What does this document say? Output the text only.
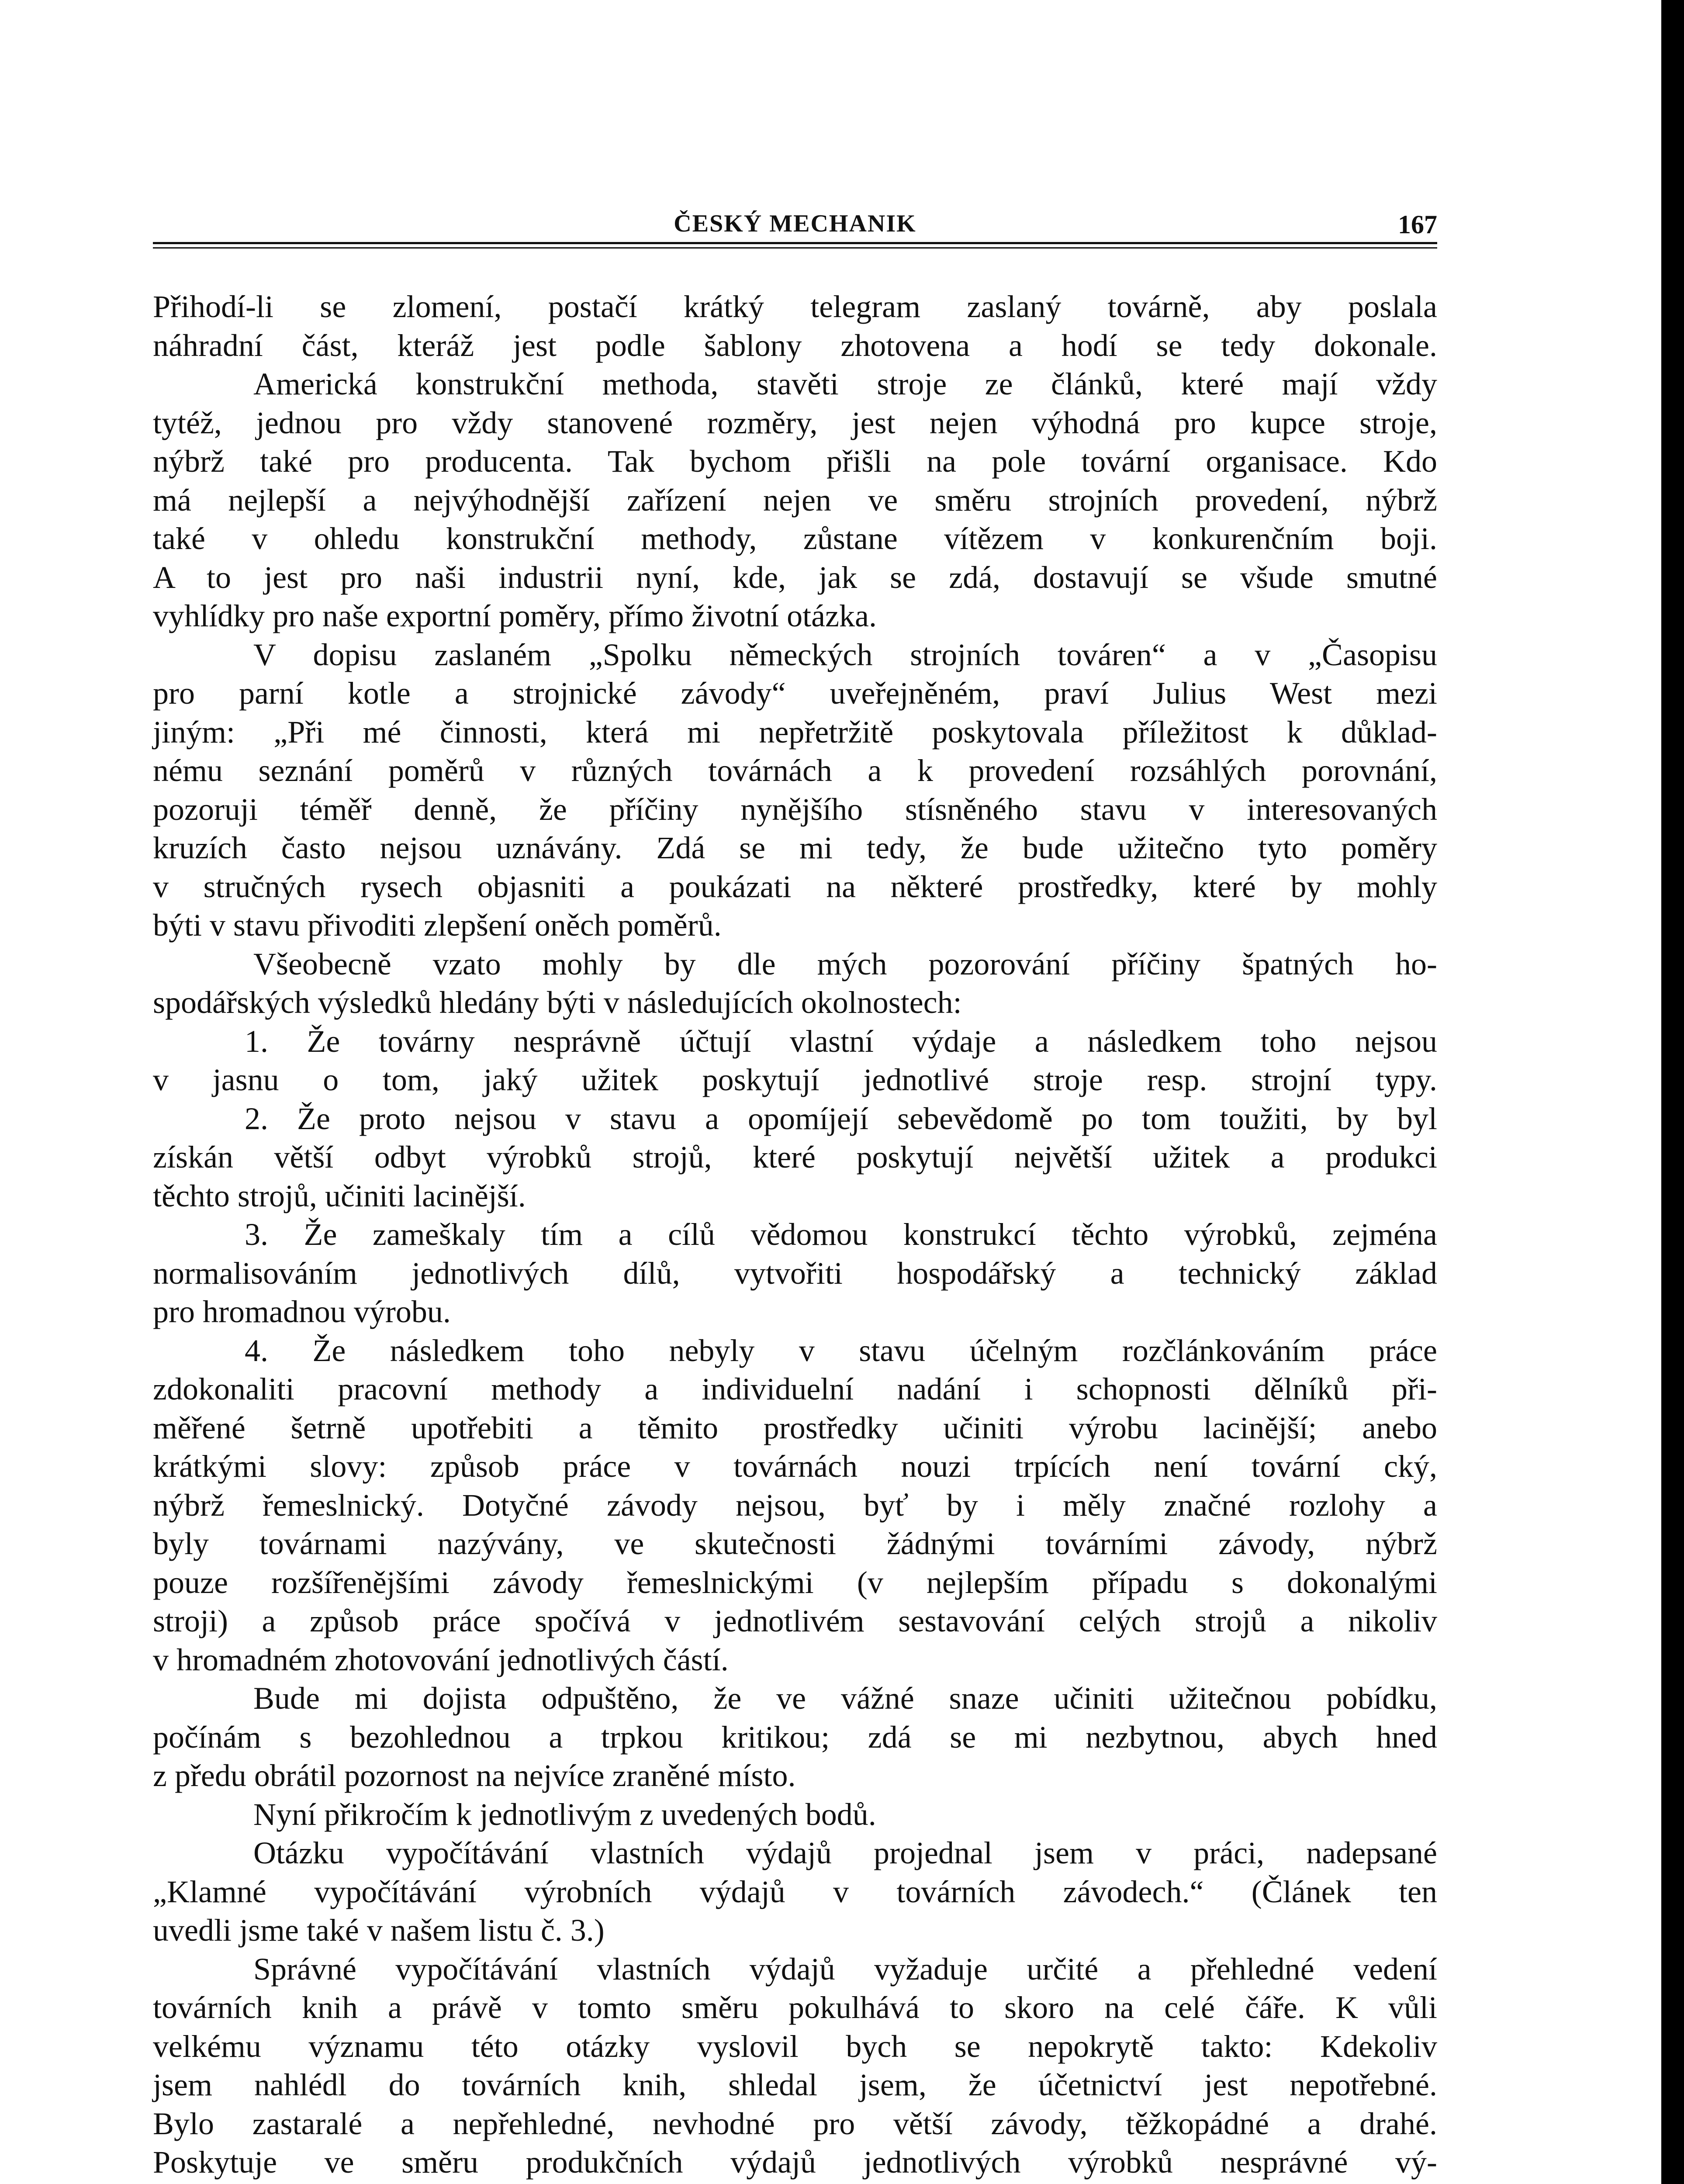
ČESKÝ MECHANIK	167
Přihodí-li se zlomení, postačí krátký telegram zaslaný továrně, aby poslala
náhradní část, kteráž jest podle šablony zhotovena a hodí se tedy dokonale.
Americká konstrukční methoda, stavěti stroje ze článků, které mají vždy
tytéž, jednou pro vždy stanovené rozměry, jest nejen výhodná pro kupce stroje,
nýbrž také pro producenta. Tak bychom přišli na pole tovární organisace. Kdo
má nejlepší a nejvýhodnější zařízení nejen ve směru strojních provedení, nýbrž
také v ohledu konstrukční methody, zůstane vítězem v konkurenčním boji.
A to jest pro naši industrii nyní, kde, jak se zdá, dostavují se všude smutné
vyhlídky pro naše exportní poměry, přímo životní otázka.
V dopisu zaslaném „Spolku německých strojních továren“ a v „Časopisu
pro parní kotle a strojnické závody“ uveřejněném, praví Julius West mezi
jiným: „Při mé činnosti, která mi nepřetržitě poskytovala příležitost k důklad-
nému seznání poměrů v různých továrnách a k provedení rozsáhlých porovnání,
pozoruji téměř denně, že příčiny nynějšího stísněného stavu v interesovaných
kruzích často nejsou uznávány. Zdá se mi tedy, že bude užitečno tyto poměry
v stručných rysech objasniti a poukázati na některé prostředky, které by mohly
býti v stavu přivoditi zlepšení oněch poměrů.
Všeobecně vzato mohly by dle mých pozorování příčiny špatných ho-
spodářských výsledků hledány býti v následujících okolnostech:
1. Že továrny nesprávně účtují vlastní výdaje a následkem toho nejsou
v jasnu o tom, jaký užitek poskytují jednotlivé stroje resp. strojní typy.
2. Že proto nejsou v stavu a opomíjejí sebevědomě po tom toužiti, by byl
získán větší odbyt výrobků strojů, které poskytují největší užitek a produkci
těchto strojů, učiniti lacinější.
3. Že zameškaly tím a cílů vědomou konstrukcí těchto výrobků, zejména
normalisováním jednotlivých dílů, vytvořiti hospodářský a technický základ
pro hromadnou výrobu.
4. Že následkem toho nebyly v stavu účelným rozčlánkováním práce
zdokonaliti pracovní methody a individuelní nadání i schopnosti dělníků při-
měřené šetrně upotřebiti a těmito prostředky učiniti výrobu lacinější; anebo
krátkými slovy: způsob práce v továrnách nouzi trpících není tovární cký,
nýbrž řemeslnický. Dotyčné závody nejsou, byť by i měly značné rozlohy a
byly továrnami nazývány, ve skutečnosti žádnými továrními závody, nýbrž
pouze rozšířenějšími závody řemeslnickými (v nejlepším případu s dokonalými
stroji) a způsob práce spočívá v jednotlivém sestavování celých strojů a nikoliv
v hromadném zhotovování jednotlivých částí.
Bude mi dojista odpuštěno, že ve vážné snaze učiniti užitečnou pobídku,
počínám s bezohlednou a trpkou kritikou; zdá se mi nezbytnou, abych hned
z předu obrátil pozornost na nejvíce zraněné místo.
Nyní přikročím k jednotlivým z uvedených bodů.
Otázku vypočítávání vlastních výdajů projednal jsem v práci, nadepsané
„Klamné vypočítávání výrobních výdajů v továrních závodech.“ (Článek ten
uvedli jsme také v našem listu č. 3.)
Správné vypočítávání vlastních výdajů vyžaduje určité a přehledné vedení
továrních knih a právě v tomto směru pokulhává to skoro na celé čáře. K vůli
velkému významu této otázky vyslovil bych se nepokrytě takto: Kdekoliv
jsem nahlédl do továrních knih, shledal jsem, že účetnictví jest nepotřebné.
Bylo zastaralé a nepřehledné, nevhodné pro větší závody, těžkopádné a drahé.
Poskytuje ve směru produkčních výdajů jednotlivých výrobků nesprávné vý-
